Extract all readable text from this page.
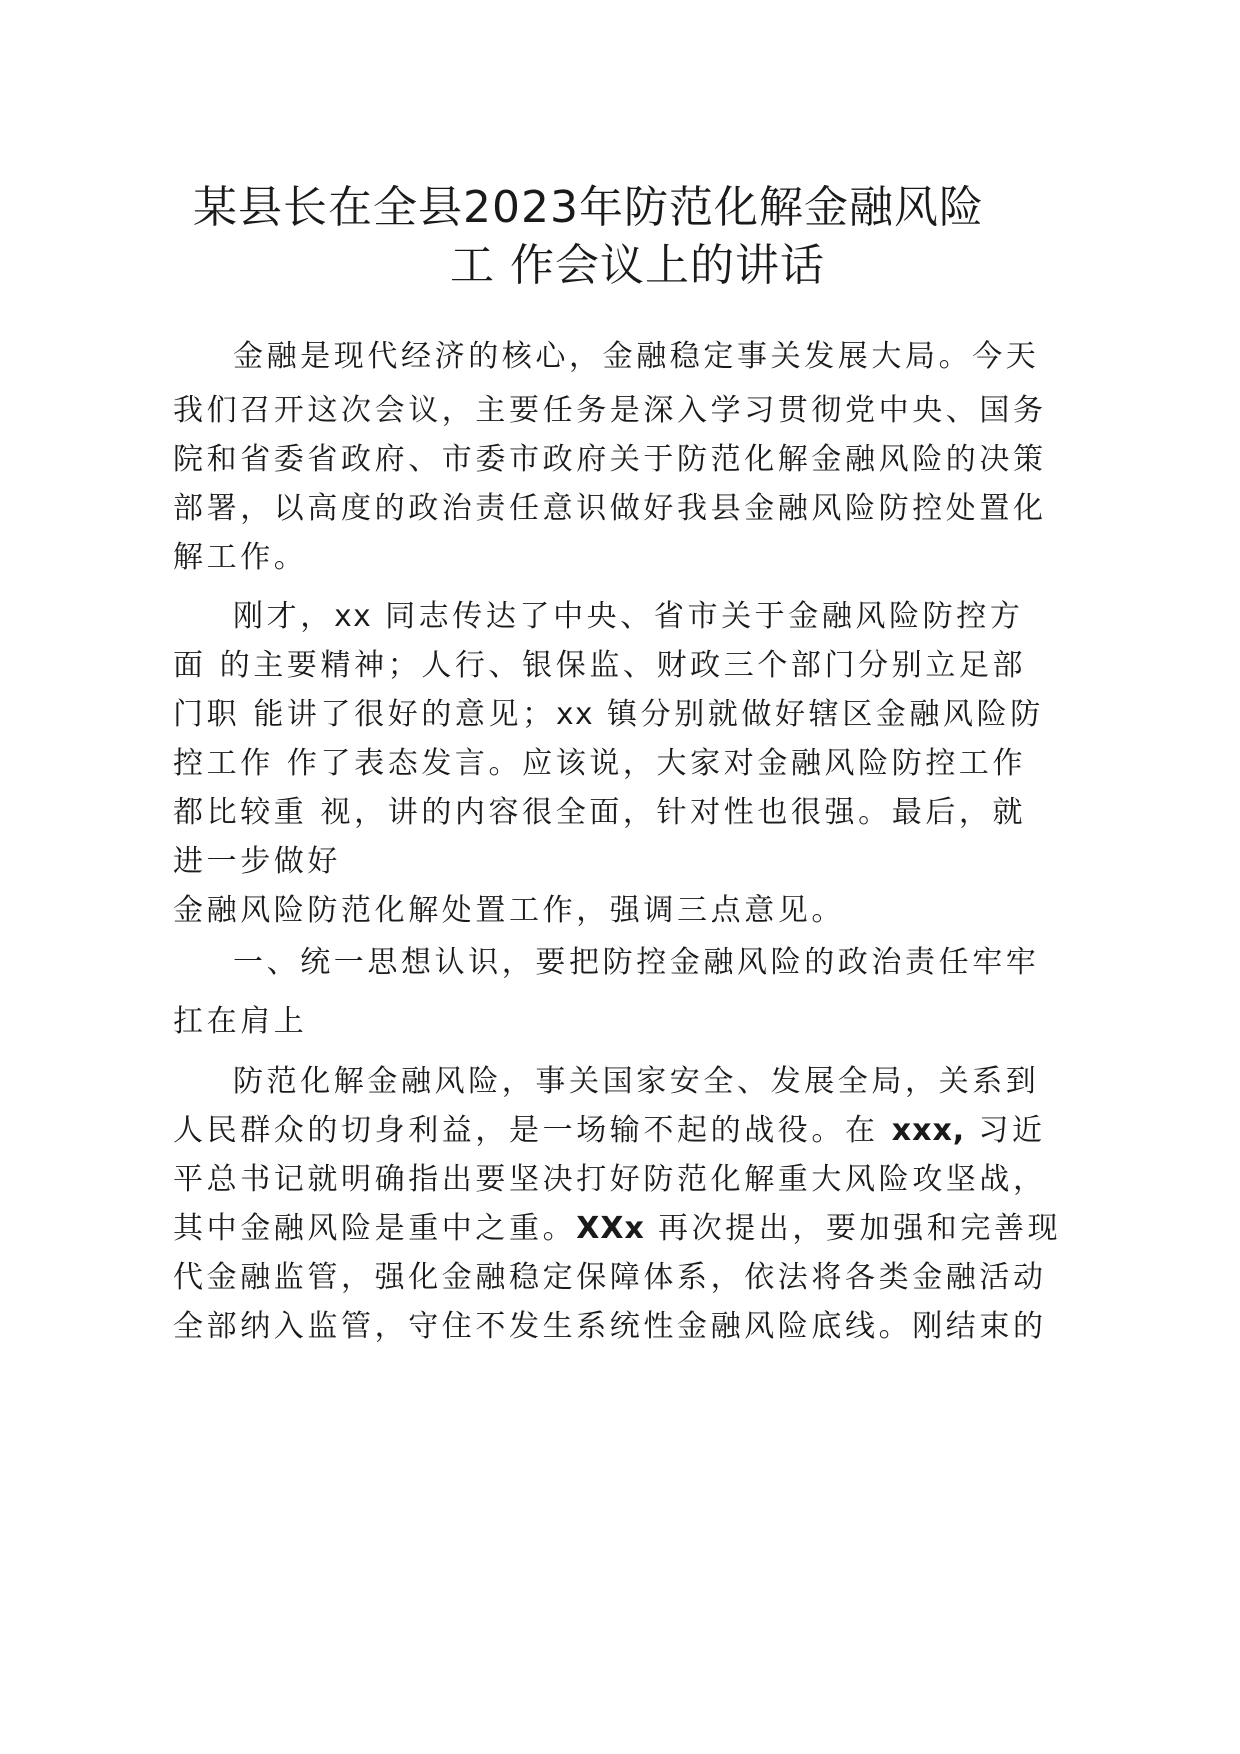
某县长在全县2023年防范化解金融风险
工 作会议上的讲话
金融是现代经济的核心，金融稳定事关发展大局。今天
我们召开这次会议，主要任务是深入学习贯彻党中央、国务
院和省委省政府、市委市政府关于防范化解金融风险的决策
部署，以高度的政治责任意识做好我县金融风险防控处置化
解工作。
刚才，xx 同志传达了中央、省市关于金融风险防控方
面 的主要精神；人行、银保监、财政三个部门分别立足部
门职 能讲了很好的意见；xx 镇分别就做好辖区金融风险防
控工作 作了表态发言。应该说，大家对金融风险防控工作
都比较重 视，讲的内容很全面，针对性也很强。最后，就
进一步做好
金融风险防范化解处置工作，强调三点意见。
一、统一思想认识，要把防控金融风险的政治责任牢牢
扛在肩上
防范化解金融风险，事关国家安全、发展全局，关系到
人民群众的切身利益，是一场输不起的战役。在 xxx, 习近
平总书记就明确指出要坚决打好防范化解重大风险攻坚战，
其中金融风险是重中之重。XXx 再次提出，要加强和完善现
代金融监管，强化金融稳定保障体系，依法将各类金融活动
全部纳入监管，守住不发生系统性金融风险底线。刚结束的
